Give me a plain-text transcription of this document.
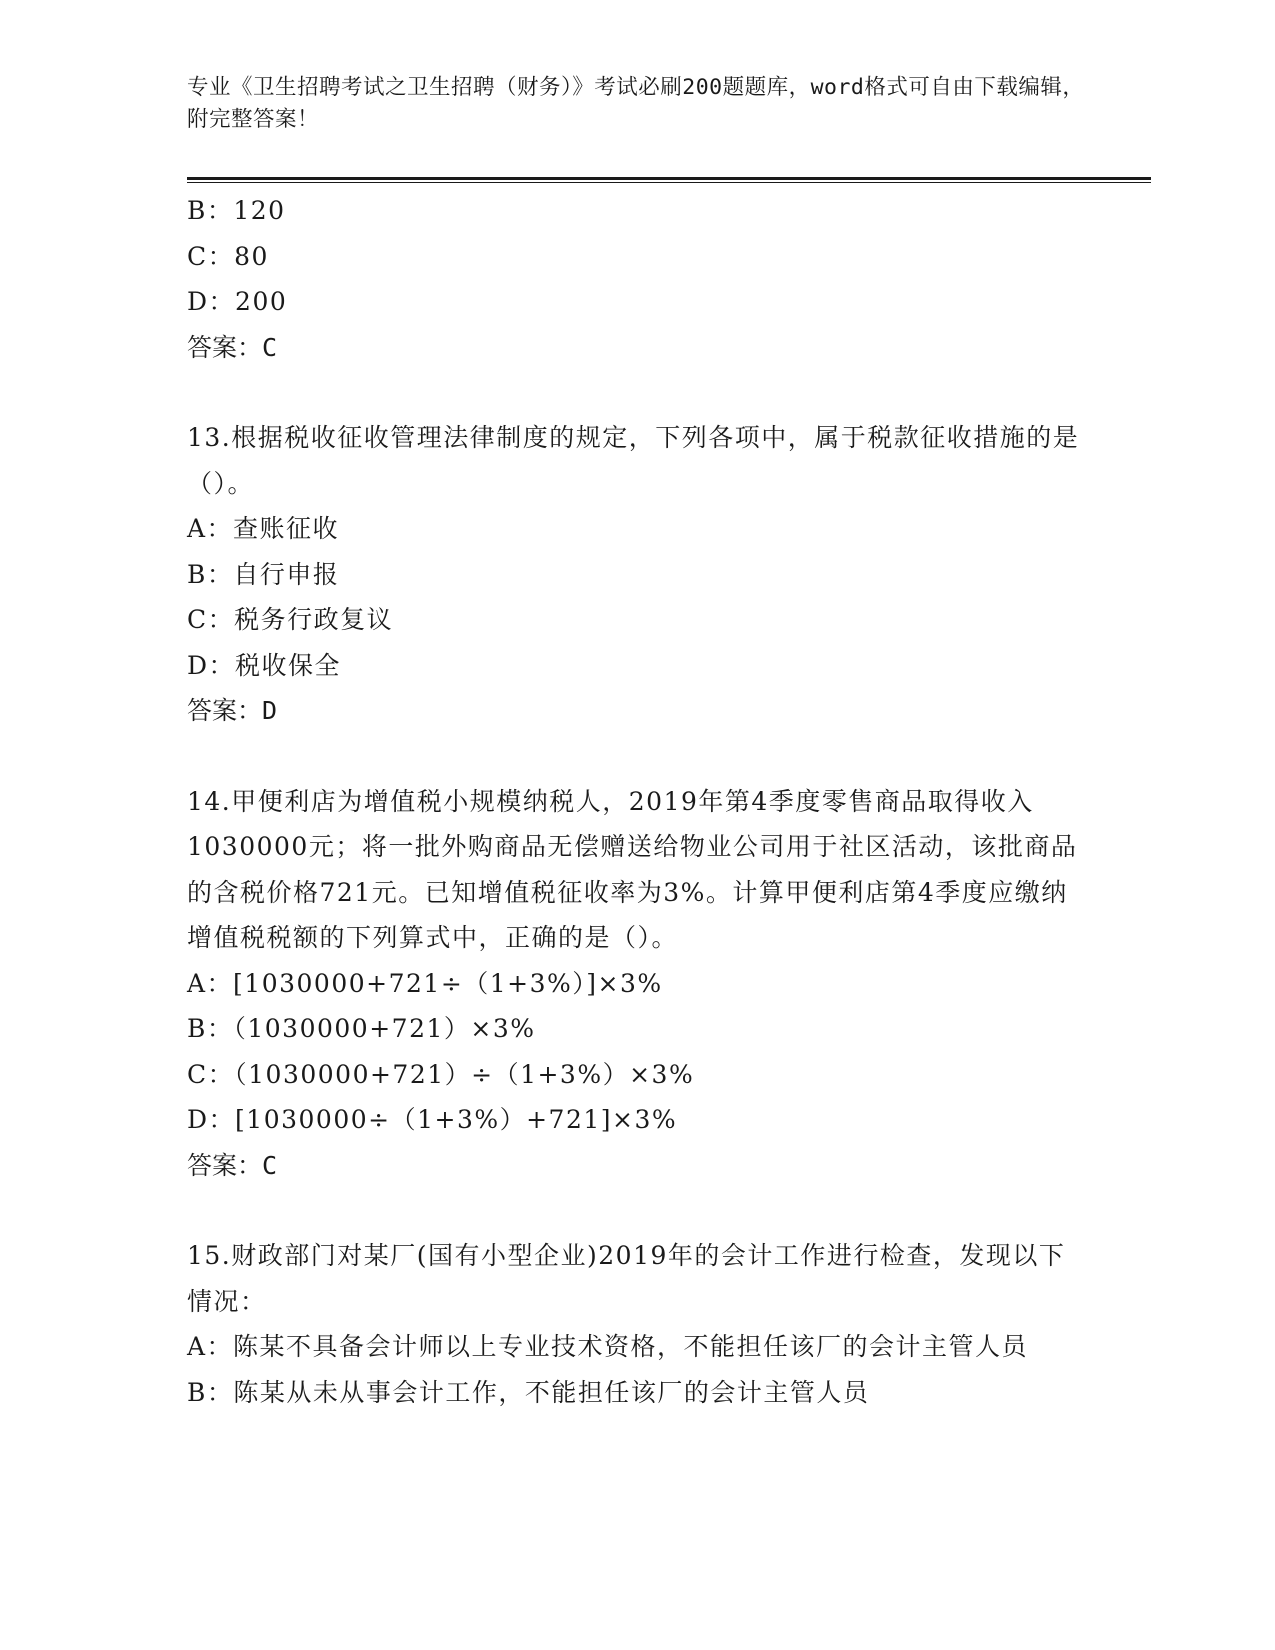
专业《卫生招聘考试之卫生招聘（财务）》考试必刷200题题库，word格式可自由下载编辑，附完整答案！
B：120
C：80
D：200
答案：C
13.根据税收征收管理法律制度的规定，下列各项中，属于税款征收措施的是（）。
A：查账征收
B：自行申报
C：税务行政复议
D：税收保全
答案：D
14.甲便利店为增值税小规模纳税人，2019年第4季度零售商品取得收入1030000元；将一批外购商品无偿赠送给物业公司用于社区活动，该批商品的含税价格721元。已知增值税征收率为3%。计算甲便利店第4季度应缴纳增值税税额的下列算式中，正确的是（）。
A：[1030000+721÷（1+3%）]×3%
B：（1030000+721）×3%
C：（1030000+721）÷（1+3%）×3%
D：[1030000÷（1+3%）+721]×3%
答案：C
15.财政部门对某厂(国有小型企业)2019年的会计工作进行检查，发现以下情况：
A：陈某不具备会计师以上专业技术资格，不能担任该厂的会计主管人员
B：陈某从未从事会计工作，不能担任该厂的会计主管人员
